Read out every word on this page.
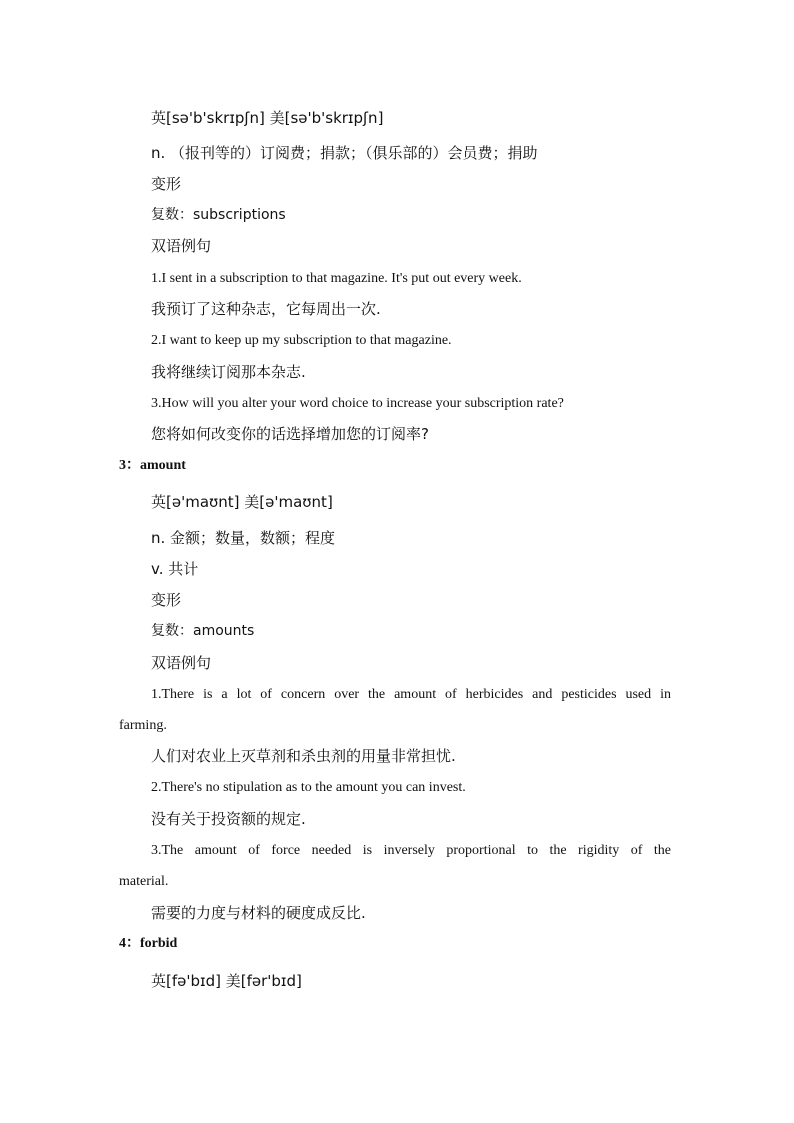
英[sə'b'skrɪpʃn] 美[sə'b'skrɪpʃn]
n. （报刊等的）订阅费；捐款；（俱乐部的）会员费；捐助
变形
复数：subscriptions
双语例句
1.I sent in a subscription to that magazine. It's put out every week.
我预订了这种杂志，它每周出一次.
2.I want to keep up my subscription to that magazine.
我将继续订阅那本杂志.
3.How will you alter your word choice to increase your subscription rate?
您将如何改变你的话选择增加您的订阅率?
3：amount
英[ə'maʊnt] 美[ə'maʊnt]
n. 金额；数量，数额；程度
v. 共计
变形
复数：amounts
双语例句
1.There is a lot of concern over the amount of herbicides and pesticides used in
farming.
人们对农业上灭草剂和杀虫剂的用量非常担忧.
2.There's no stipulation as to the amount you can invest.
没有关于投资额的规定.
3.The amount of force needed is inversely proportional to the rigidity of the
material.
需要的力度与材料的硬度成反比.
4：forbid
英[fə'bɪd] 美[fər'bɪd]
